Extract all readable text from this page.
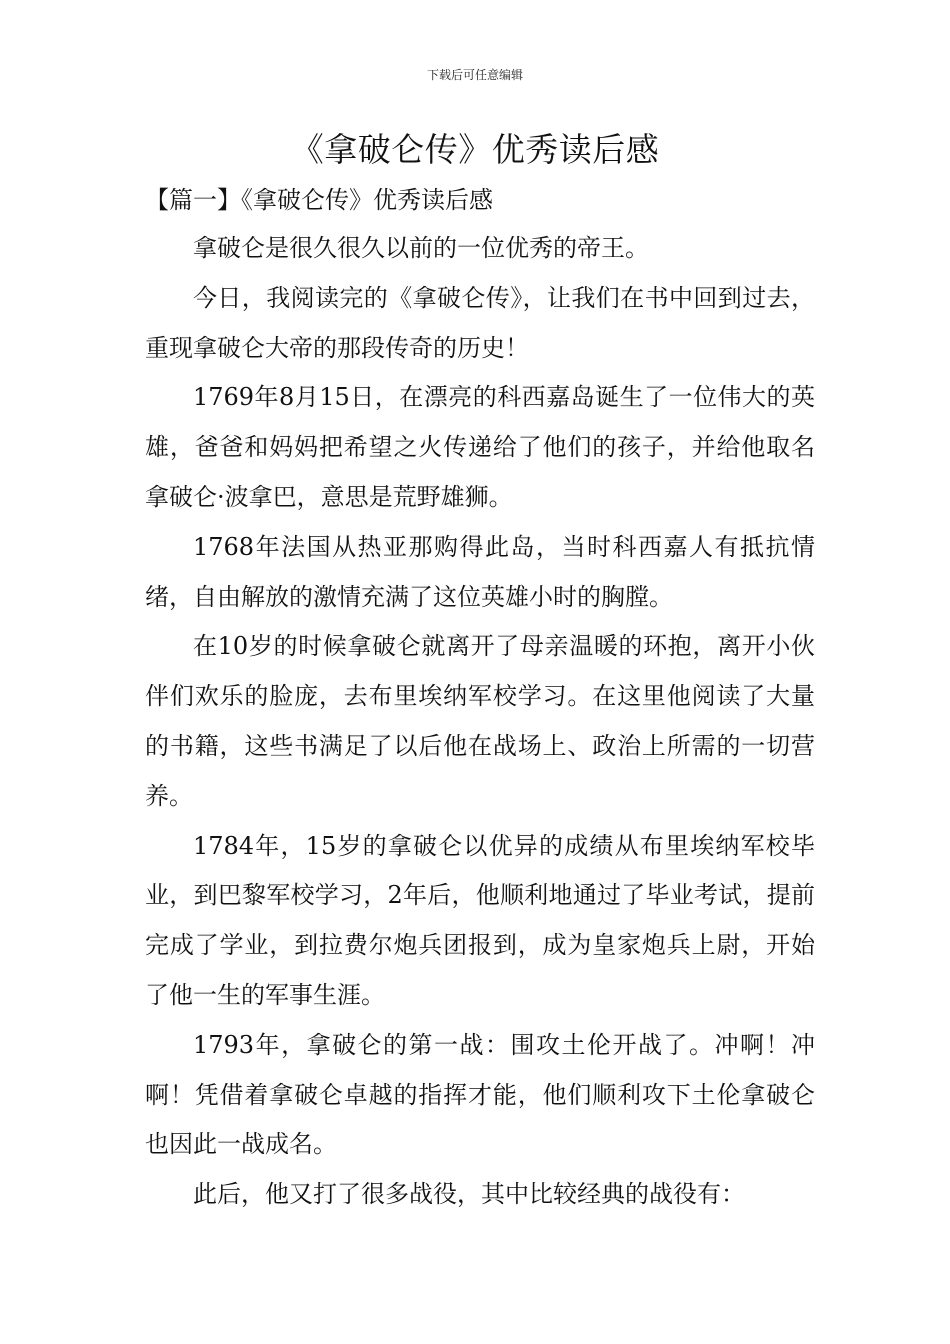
下载后可任意编辑
《拿破仑传》优秀读后感
【篇一】《拿破仑传》优秀读后感

拿破仑是很久很久以前的一位优秀的帝王。

今日，我阅读完的《拿破仑传》，让我们在书中回到过去，重现拿破仑大帝的那段传奇的历史！

1769年8月15日，在漂亮的科西嘉岛诞生了一位伟大的英雄，爸爸和妈妈把希望之火传递给了他们的孩子，并给他取名拿破仑·波拿巴，意思是荒野雄狮。

1768年法国从热亚那购得此岛，当时科西嘉人有抵抗情绪，自由解放的激情充满了这位英雄小时的胸膛。

在10岁的时候拿破仑就离开了母亲温暖的环抱，离开小伙伴们欢乐的脸庞，去布里埃纳军校学习。在这里他阅读了大量的书籍，这些书满足了以后他在战场上、政治上所需的一切营养。

1784年，15岁的拿破仑以优异的成绩从布里埃纳军校毕业，到巴黎军校学习，2年后，他顺利地通过了毕业考试，提前完成了学业，到拉费尔炮兵团报到，成为皇家炮兵上尉，开始了他一生的军事生涯。

1793年，拿破仑的第一战：围攻土伦开战了。冲啊！冲啊！凭借着拿破仑卓越的指挥才能，他们顺利攻下土伦拿破仑也因此一战成名。

此后，他又打了很多战役，其中比较经典的战役有：
